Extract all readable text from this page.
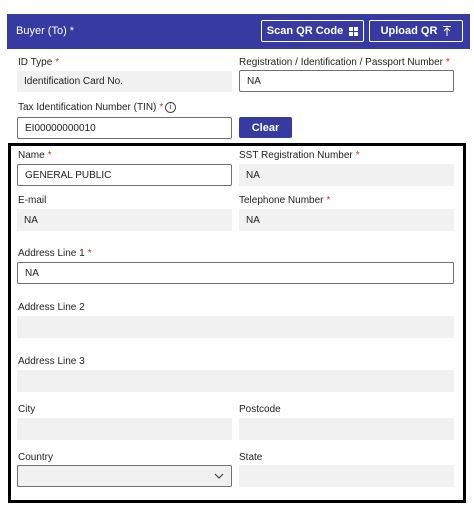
Buyer (To) *	Scan QR Code	Upload QR
ID Type *
Identification Card No.
Registration / Identification / Passport Number *
NA
Tax Identification Number (TIN) * i
EI00000000010	Clear
Name *
GENERAL PUBLIC
SST Registration Number *
NA
E-mail
NA
Telephone Number *
NA
Address Line 1 *
NA
Address Line 2
Address Line 3
City	Postcode
Country	State
